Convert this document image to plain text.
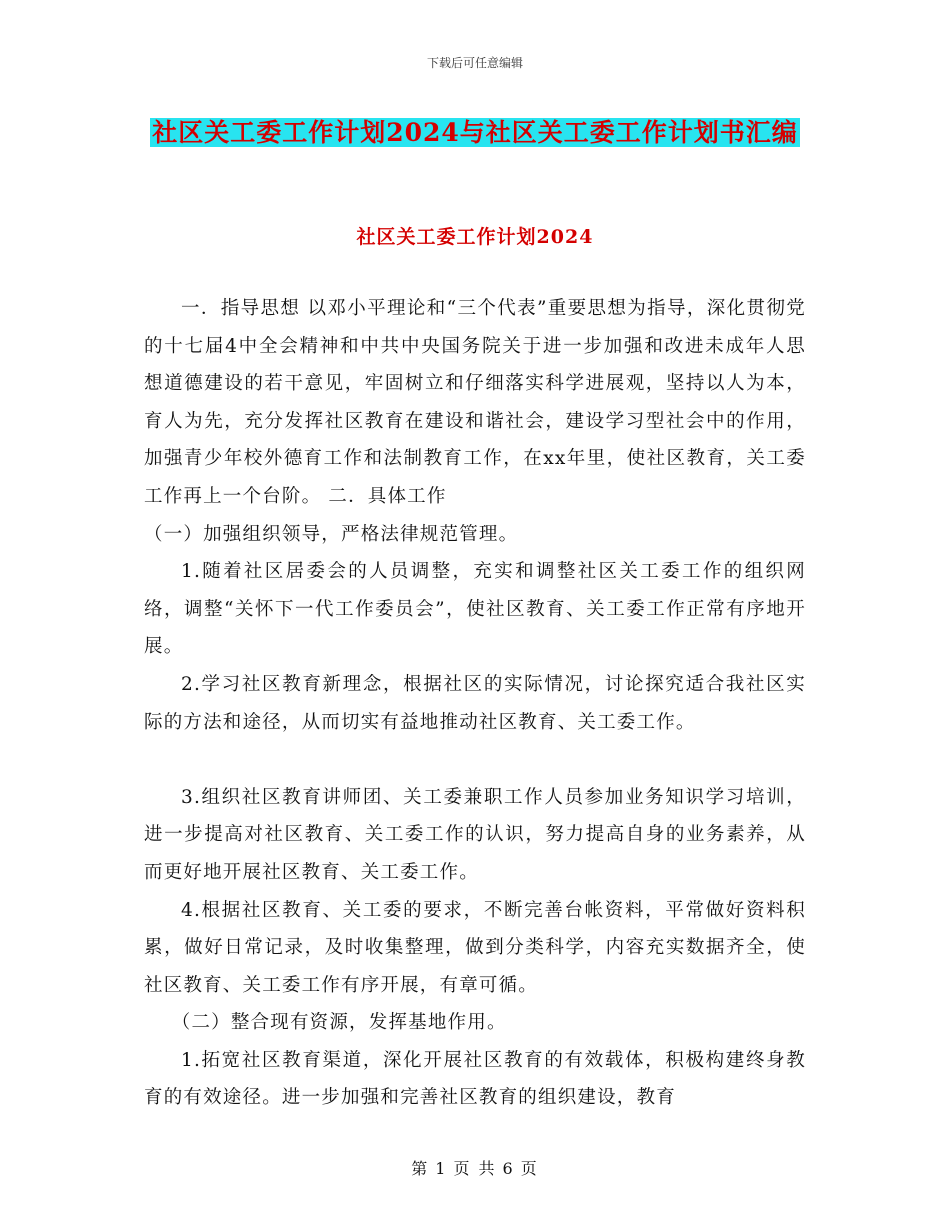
下载后可任意编辑
社区关工委工作计划2024与社区关工委工作计划书汇编
社区关工委工作计划2024

一．指导思想 以邓小平理论和“三个代表”重要思想为指导，深化贯彻党的十七届4中全会精神和中共中央国务院关于进一步加强和改进未成年人思想道德建设的若干意见，牢固树立和仔细落实科学进展观，坚持以人为本，育人为先，充分发挥社区教育在建设和谐社会，建设学习型社会中的作用，加强青少年校外德育工作和法制教育工作，在xx年里，使社区教育，关工委工作再上一个台阶。 二．具体工作

（一）加强组织领导，严格法律规范管理。

1.随着社区居委会的人员调整，充实和调整社区关工委工作的组织网络，调整“关怀下一代工作委员会”，使社区教育、关工委工作正常有序地开展。

2.学习社区教育新理念，根据社区的实际情况，讨论探究适合我社区实际的方法和途径，从而切实有益地推动社区教育、关工委工作。

3.组织社区教育讲师团、关工委兼职工作人员参加业务知识学习培训，进一步提高对社区教育、关工委工作的认识，努力提高自身的业务素养，从而更好地开展社区教育、关工委工作。

4.根据社区教育、关工委的要求，不断完善台帐资料，平常做好资料积累，做好日常记录，及时收集整理，做到分类科学，内容充实数据齐全，使社区教育、关工委工作有序开展，有章可循。

（二）整合现有资源，发挥基地作用。

1.拓宽社区教育渠道，深化开展社区教育的有效载体，积极构建终身教育的有效途径。进一步加强和完善社区教育的组织建设，教育

第 1 页 共 6 页
